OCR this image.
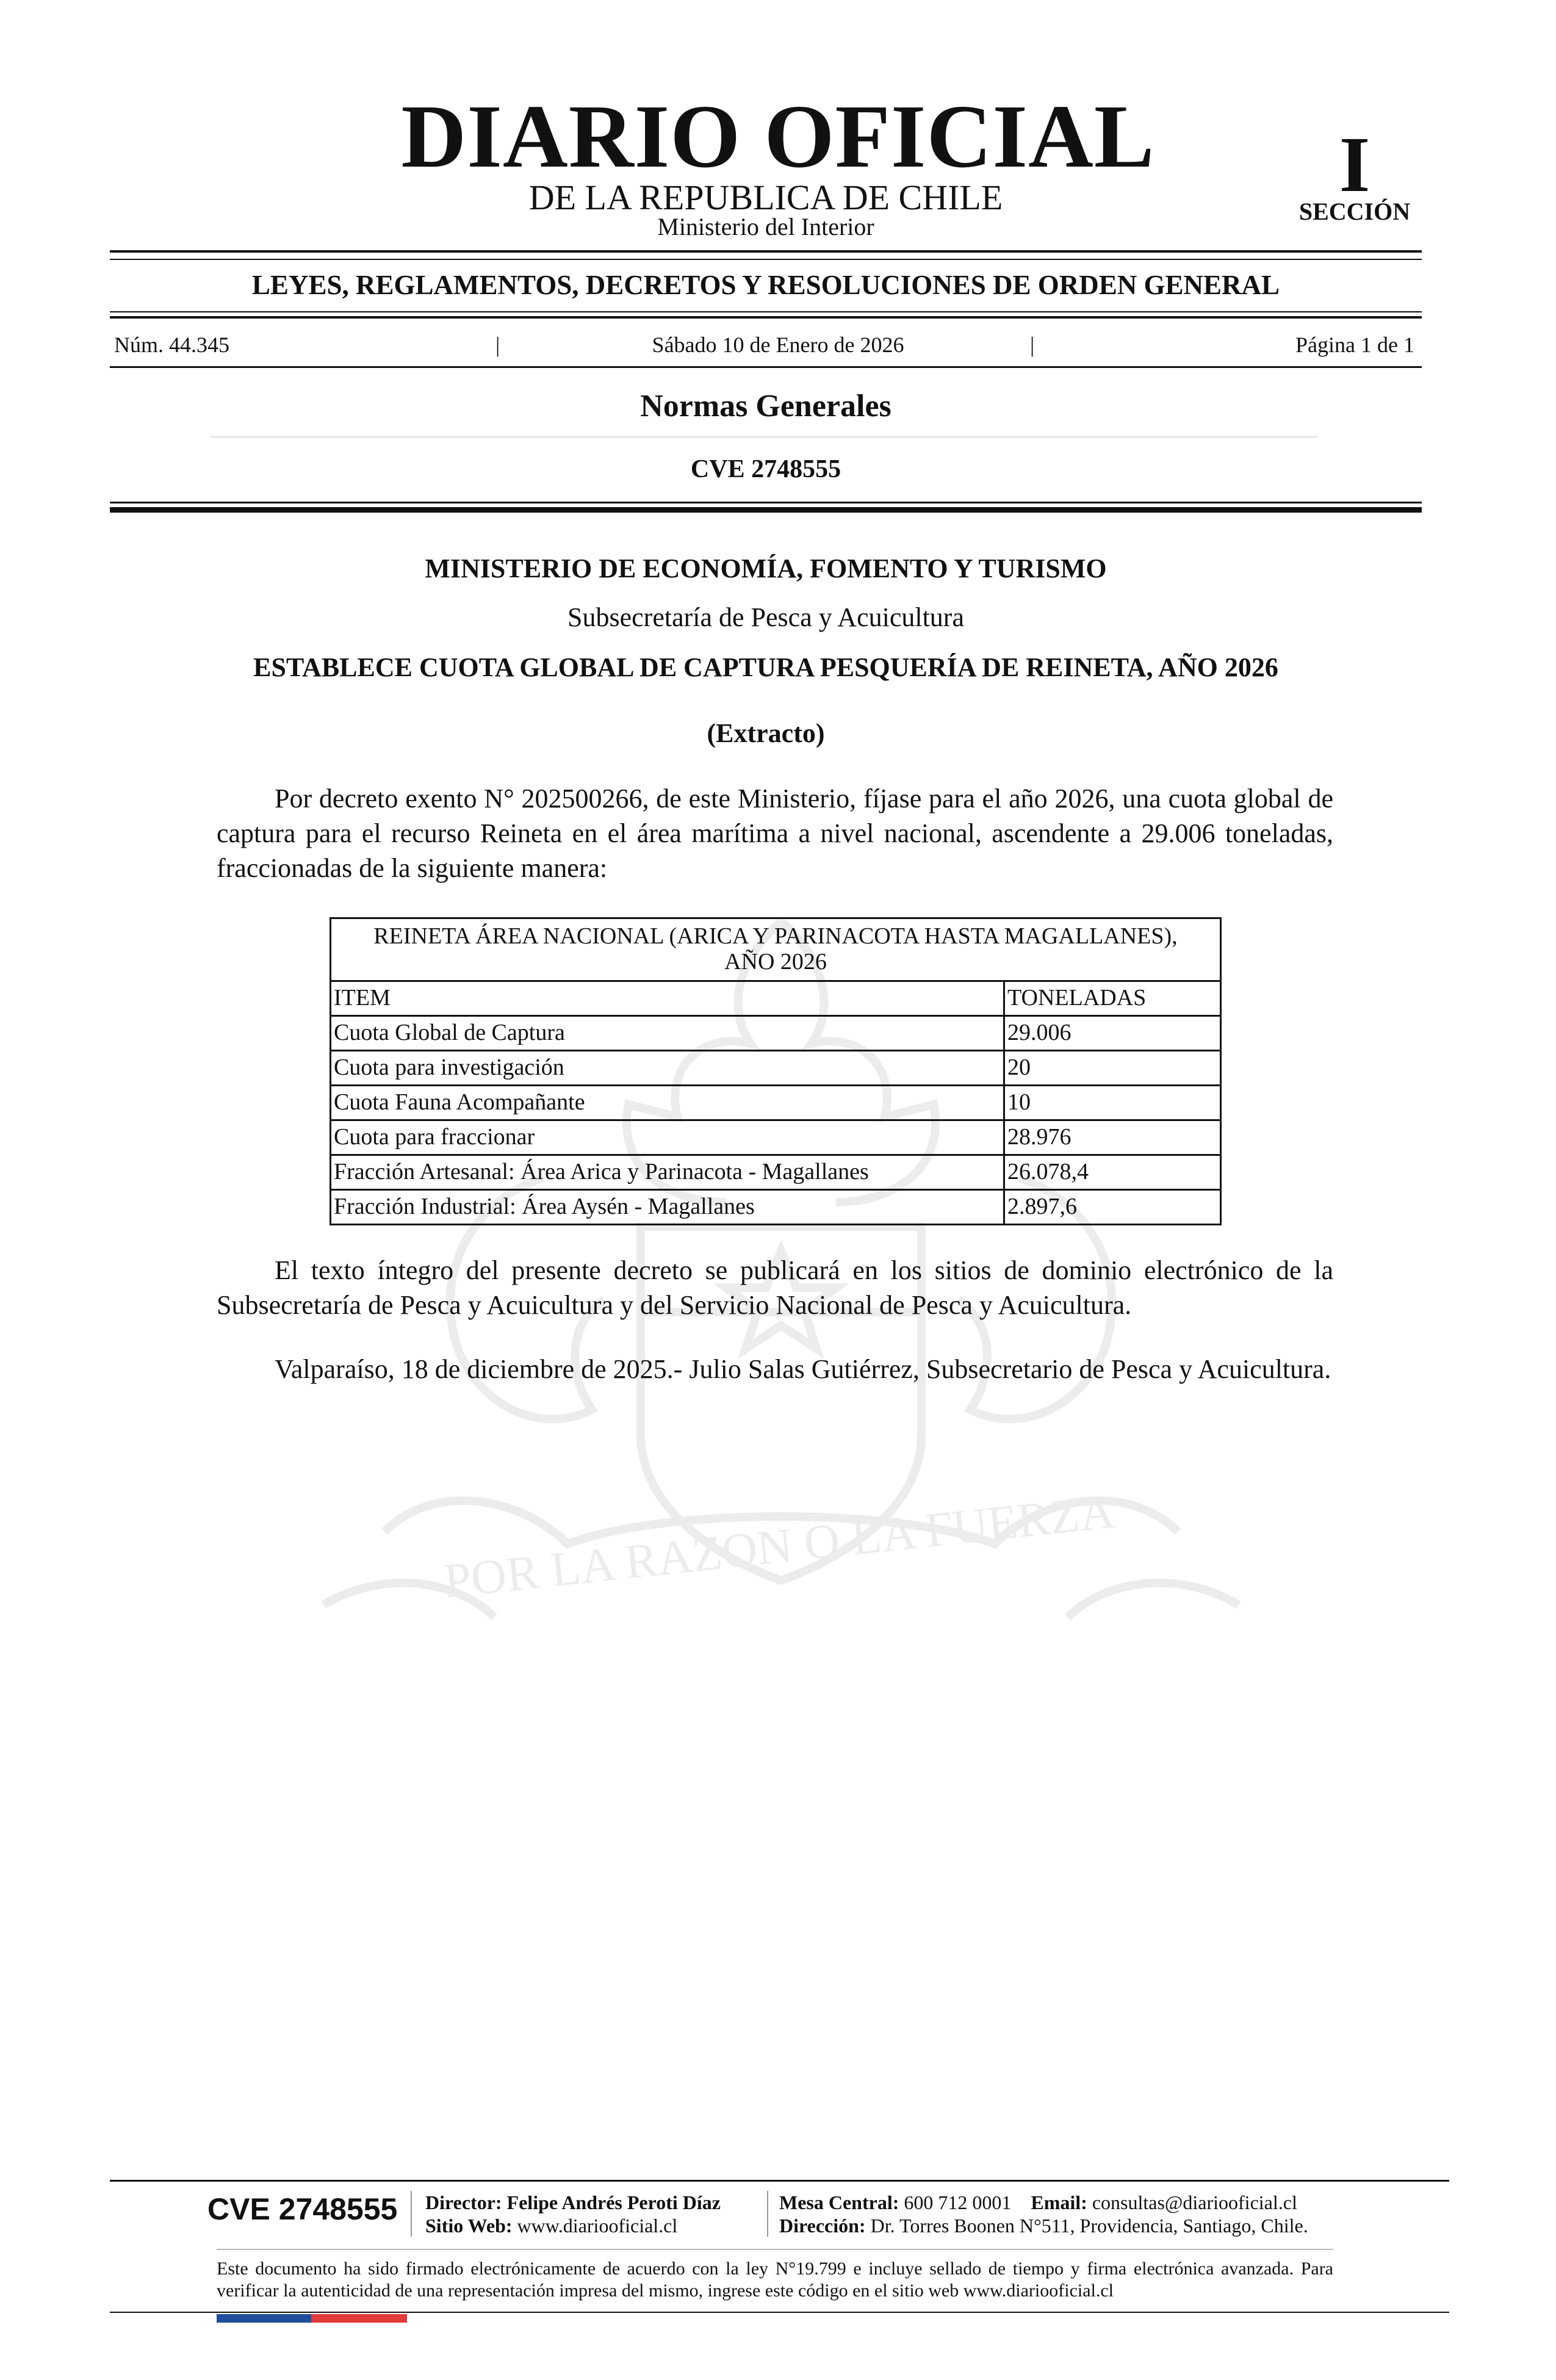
POR LA RAZON O LA FUERZA
DIARIO OFICIAL
DE LA REPUBLICA DE CHILE
Ministerio del Interior
I
SECCIÓN
LEYES, REGLAMENTOS, DECRETOS Y RESOLUCIONES DE ORDEN GENERAL
Núm. 44.345	|	Sábado 10 de Enero de 2026	|	Página 1 de 1
Normas Generales
CVE 2748555
MINISTERIO DE ECONOMÍA, FOMENTO Y TURISMO
Subsecretaría de Pesca y Acuicultura
ESTABLECE CUOTA GLOBAL DE CAPTURA PESQUERÍA DE REINETA, AÑO 2026
(Extracto)
Por decreto exento N° 202500266, de este Ministerio, fíjase para el año 2026, una cuota global de captura para el recurso Reineta en el área marítima a nivel nacional, ascendente a 29.006 toneladas, fraccionadas de la siguiente manera:
REINETA ÁREA NACIONAL (ARICA Y PARINACOTA HASTA MAGALLANES),
AÑO 2026	

ITEM	TONELADAS
Cuota Global de Captura	29.006
Cuota para investigación	20
Cuota Fauna Acompañante	10
Cuota para fraccionar	28.976
Fracción Artesanal: Área Arica y Parinacota - Magallanes	26.078,4
Fracción Industrial: Área Aysén - Magallanes	2.897,6
El texto íntegro del presente decreto se publicará en los sitios de dominio electrónico de la Subsecretaría de Pesca y Acuicultura y del Servicio Nacional de Pesca y Acuicultura.
Valparaíso, 18 de diciembre de 2025.- Julio Salas Gutiérrez, Subsecretario de Pesca y Acuicultura.
CVE 2748555 Director: Felipe Andrés Peroti Díaz
Sitio Web: www.diariooficial.cl
Mesa Central: 600 712 0001 Email: consultas@diariooficial.cl
Dirección: Dr. Torres Boonen N°511, Providencia, Santiago, Chile.
Este documento ha sido firmado electrónicamente de acuerdo con la ley N°19.799 e incluye sellado de tiempo y firma electrónica avanzada. Para verificar la autenticidad de una representación impresa del mismo, ingrese este código en el sitio web www.diariooficial.cl
